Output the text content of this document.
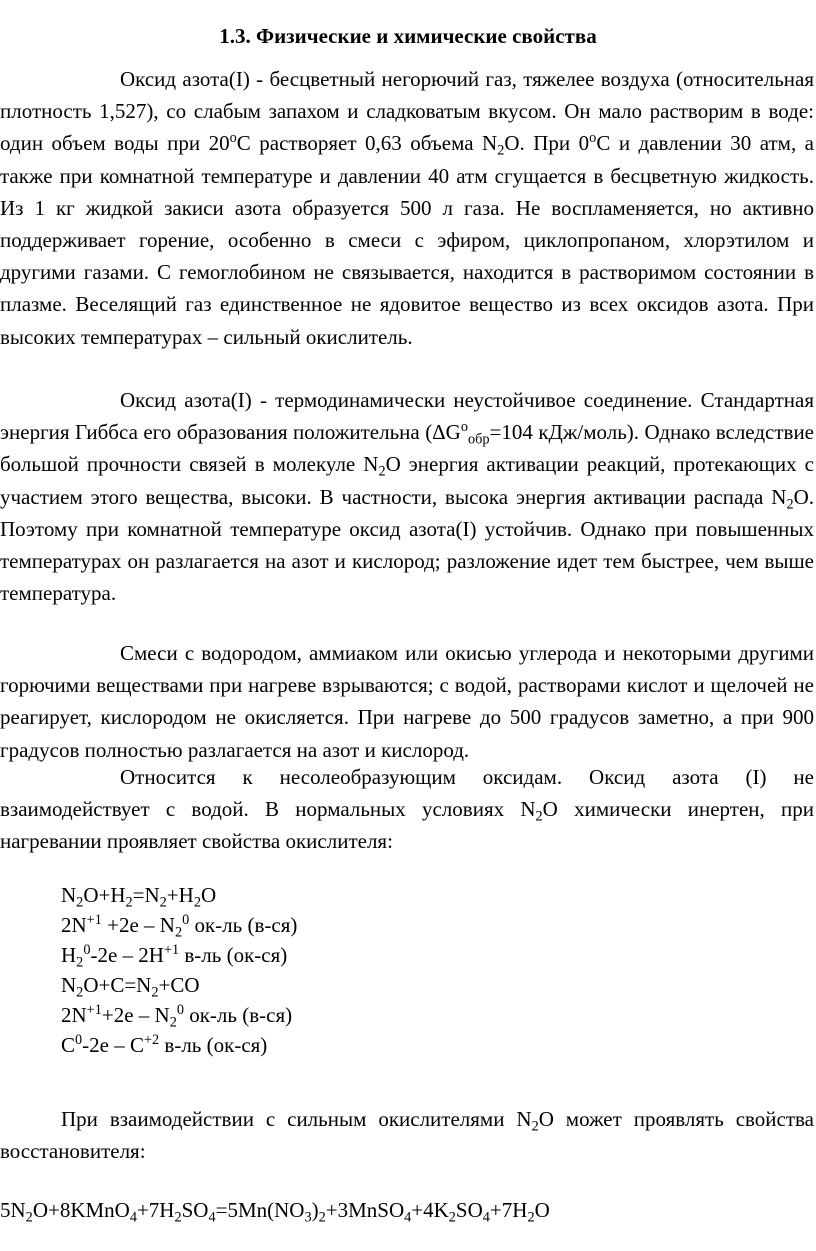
1.3. Физические и химические свойства
Оксид азота(I) - бесцветный негорючий газ, тяжелее воздуха (относительная плотность 1,527), со слабым запахом и сладковатым вкусом. Он мало растворим в воде: один объем воды при 20$^o$С растворяет 0,63 объема $N_2O$. При 0$^o$С и давлении 30 атм, а также при комнатной температуре и давлении 40 атм сгущается в бесцветную жидкость. Из 1 кг жидкой закиси азота образуется 500 л газа. Не воспламеняется, но активно поддерживает горение, особенно в смеси с эфиром, циклопропаном, хлорэтилом и другими газами. С гемоглобином не связывается, находится в растворимом состоянии в плазме. Веселящий газ единственное не ядовитое вещество из всех оксидов азота. При высоких температурах – сильный окислитель.
Оксид азота(I) - термодинамически неустойчивое соединение. Стандартная энергия Гиббса его образования положительна ($\Delta G^o_{обр}=104$ кДж/моль). Однако вследствие большой прочности связей в молекуле $N_2O$ энергия активации реакций, протекающих с участием этого вещества, высоки. В частности, высока энергия активации распада $N_2O$. Поэтому при комнатной температуре оксид азота(I) устойчив. Однако при повышенных температурах он разлагается на азот и кислород; разложение идет тем быстрее, чем выше температура.
Смеси с водородом, аммиаком или окисью углерода и некоторыми другими горючими веществами при нагреве взрываются; с водой, растворами кислот и щелочей не реагирует, кислородом не окисляется. При нагреве до 500 градусов заметно, а при 900 градусов полностью разлагается на азот и кислород.
Относится к несолеобразующим оксидам. Оксид азота (I) не взаимодействует с водой. В нормальных условиях $N_2O$ химически инертен, при нагревании проявляет свойства окислителя:
$N_2O+H_2=N_2+H_2O$
$2N^{+1} +2e - N_2^0$ ок-ль (в-ся)
$H_2^0-2e - 2H^{+1}$ в-ль (ок-ся)
$N_2O+C=N_2+CO$
$2N^{+1}+2e - N_2^0$ ок-ль (в-ся)
$C^0-2e - C^{+2}$ в-ль (ок-ся)
При взаимодействии с сильным окислителями $N_2O$ может проявлять свойства восстановителя:
$5N_2O+8KMnO_4+7H_2SO_4=5Mn(NO_3)_2+3MnSO_4+4K_2SO_4+7H_2O$
